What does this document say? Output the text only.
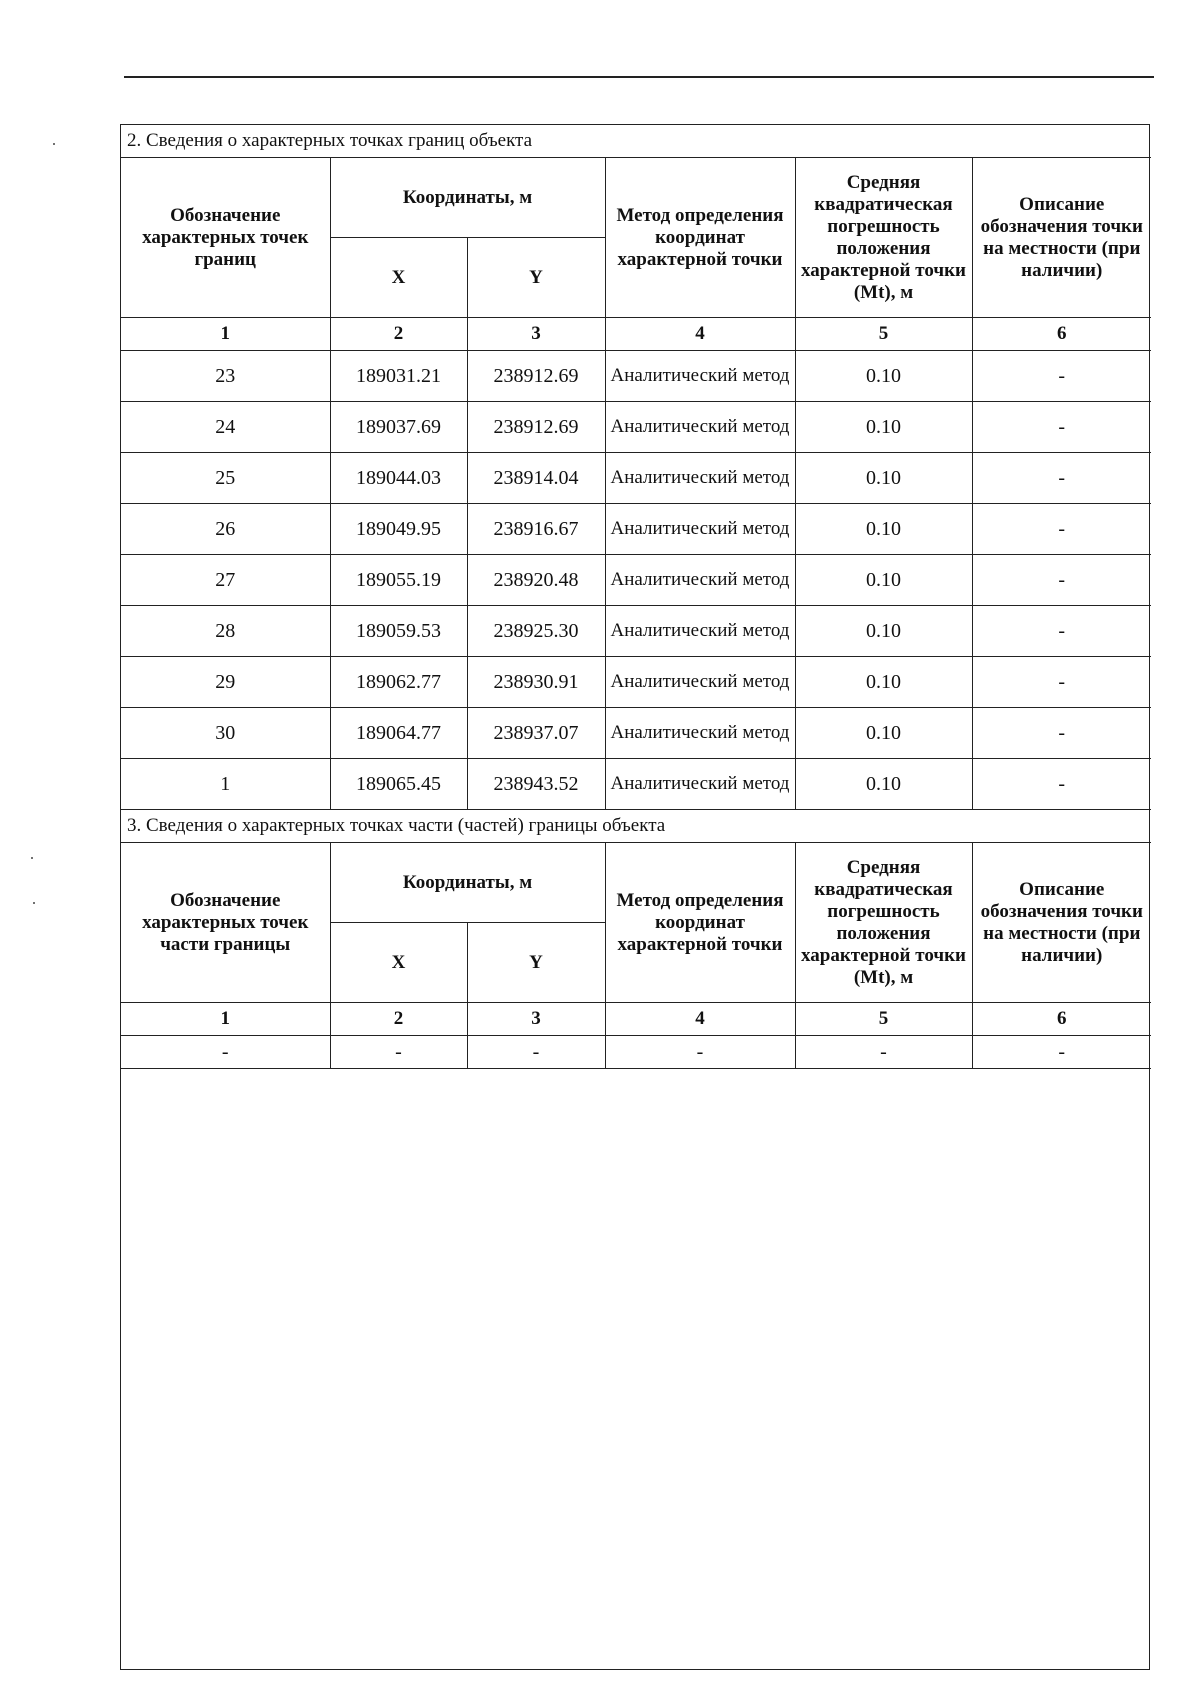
2. Сведения о характерных точках границ объекта					
Обозначение характерных точек границ	Координаты, м		Метод определения координат характерной точки	Средняя квадратическая погрешность положения характерной точки (Mt), м	Описание обозначения точки на местности (при наличии)
	X	Y			
1	2	3	4	5	6
23	189031.21	238912.69	Аналитический метод	0.10	-
24	189037.69	238912.69	Аналитический метод	0.10	-
25	189044.03	238914.04	Аналитический метод	0.10	-
26	189049.95	238916.67	Аналитический метод	0.10	-
27	189055.19	238920.48	Аналитический метод	0.10	-
28	189059.53	238925.30	Аналитический метод	0.10	-
29	189062.77	238930.91	Аналитический метод	0.10	-
30	189064.77	238937.07	Аналитический метод	0.10	-
1	189065.45	238943.52	Аналитический метод	0.10	-
3. Сведения о характерных точках части (частей) границы объекта					
Обозначение характерных точек части границы	Координаты, м		Метод определения координат характерной точки	Средняя квадратическая погрешность положения характерной точки (Mt), м	Описание обозначения точки на местности (при наличии)
	X	Y			
1	2	3	4	5	6
-	-	-	-	-	-
